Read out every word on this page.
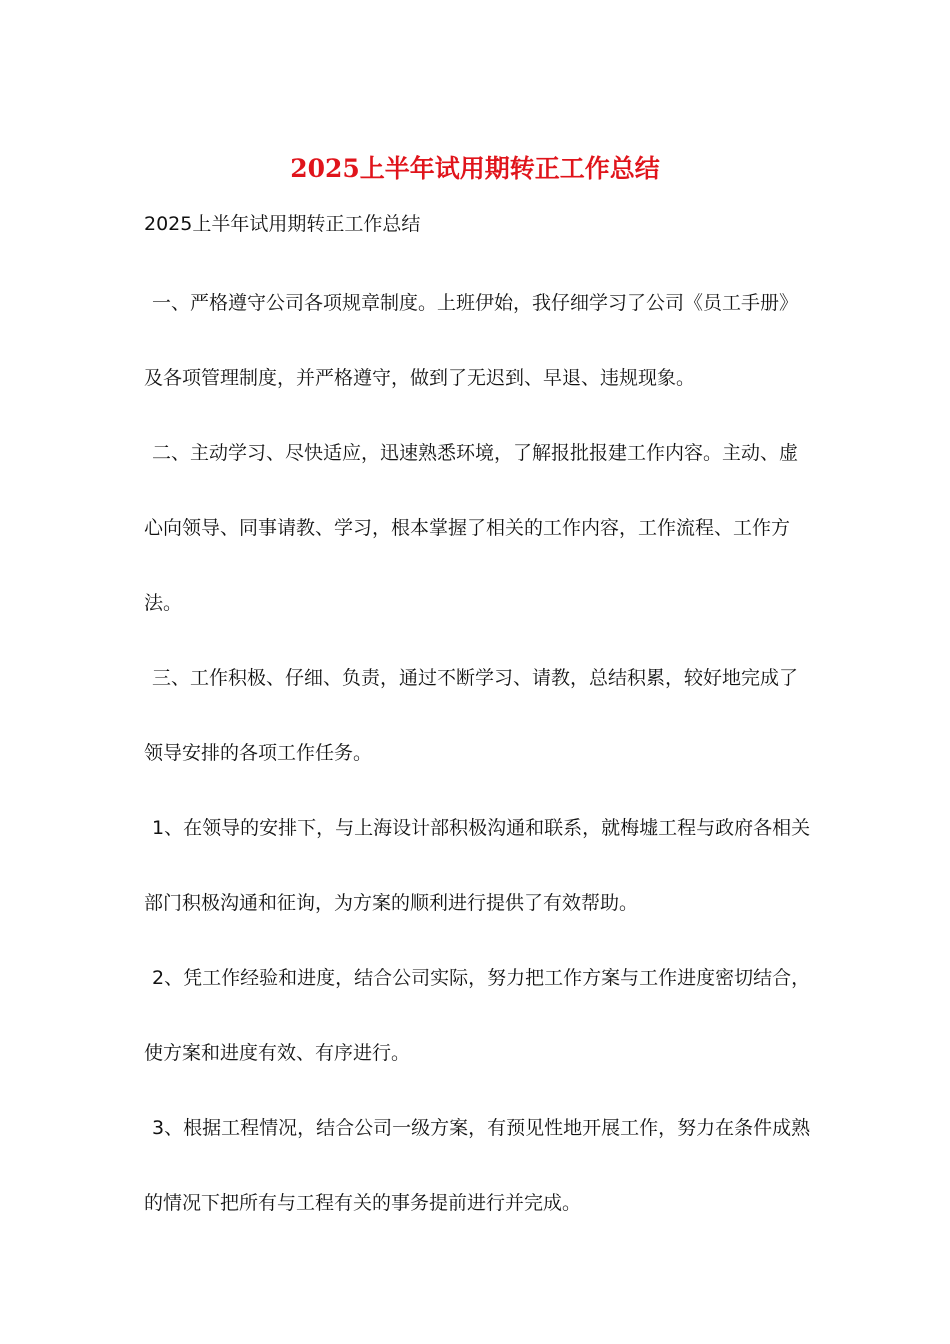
2025上半年试用期转正工作总结
2025上半年试用期转正工作总结

一、严格遵守公司各项规章制度。上班伊始，我仔细学习了公司《员工手册》及各项管理制度，并严格遵守，做到了无迟到、早退、违规现象。

二、主动学习、尽快适应，迅速熟悉环境，了解报批报建工作内容。主动、虚心向领导、同事请教、学习，根本掌握了相关的工作内容，工作流程、工作方法。

三、工作积极、仔细、负责，通过不断学习、请教，总结积累，较好地完成了领导安排的各项工作任务。

1、在领导的安排下，与上海设计部积极沟通和联系，就梅墟工程与政府各相关部门积极沟通和征询，为方案的顺利进行提供了有效帮助。

2、凭工作经验和进度，结合公司实际，努力把工作方案与工作进度密切结合，使方案和进度有效、有序进行。

3、根据工程情况，结合公司一级方案，有预见性地开展工作，努力在条件成熟的情况下把所有与工程有关的事务提前进行并完成。
